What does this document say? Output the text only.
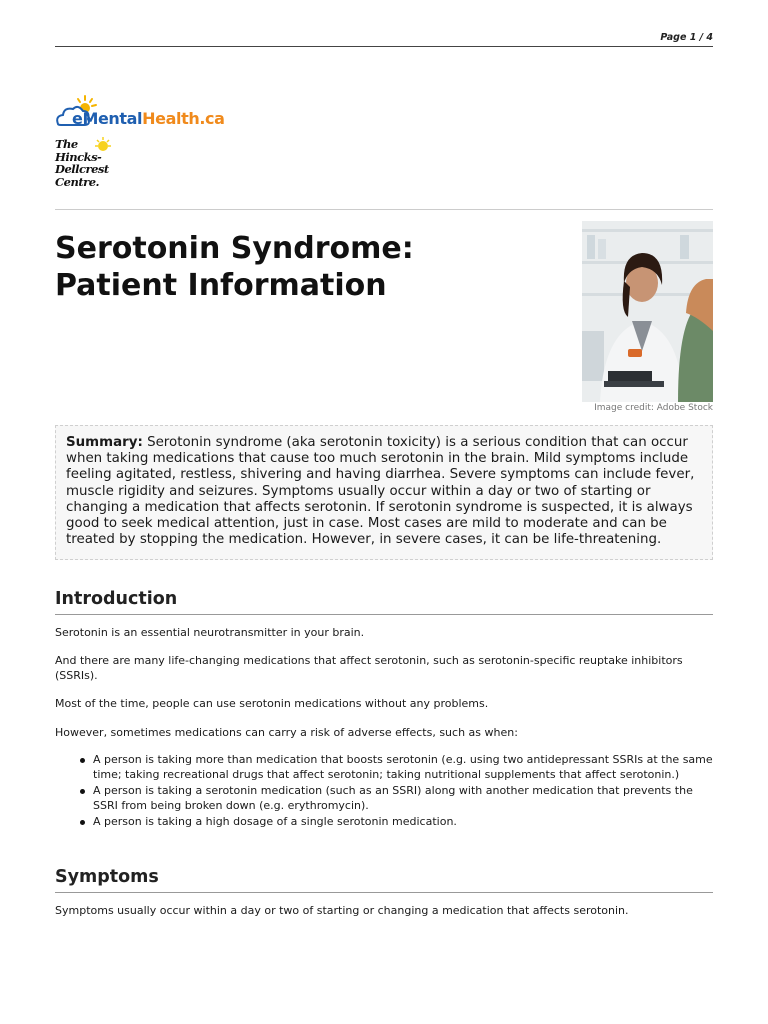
Page 1 / 4
eMentalHealth.ca
The
Hincks-
Dellcrest
Centre.
Serotonin Syndrome:
Patient Information
Image credit: Adobe Stock
Summary: Serotonin syndrome (aka serotonin toxicity) is a serious condition that can occur when taking medications that cause too much serotonin in the brain. Mild symptoms include feeling agitated, restless, shivering and having diarrhea. Severe symptoms can include fever, muscle rigidity and seizures. Symptoms usually occur within a day or two of starting or changing a medication that affects serotonin. If serotonin syndrome is suspected, it is always good to seek medical attention, just in case. Most cases are mild to moderate and can be treated by stopping the medication. However, in severe cases, it can be life-threatening.
Introduction

Serotonin is an essential neurotransmitter in your brain.

And there are many life-changing medications that affect serotonin, such as serotonin-specific reuptake inhibitors (SSRIs).

Most of the time, people can use serotonin medications without any problems.

However, sometimes medications can carry a risk of adverse effects, such as when:

A person is taking more than medication that boosts serotonin (e.g. using two antidepressant SSRIs at the same time; taking recreational drugs that affect serotonin; taking nutritional supplements that affect serotonin.)
A person is taking a serotonin medication (such as an SSRI) along with another medication that prevents the SSRI from being broken down (e.g. erythromycin).
A person is taking a high dosage of a single serotonin medication.
Symptoms

Symptoms usually occur within a day or two of starting or changing a medication that affects serotonin.
